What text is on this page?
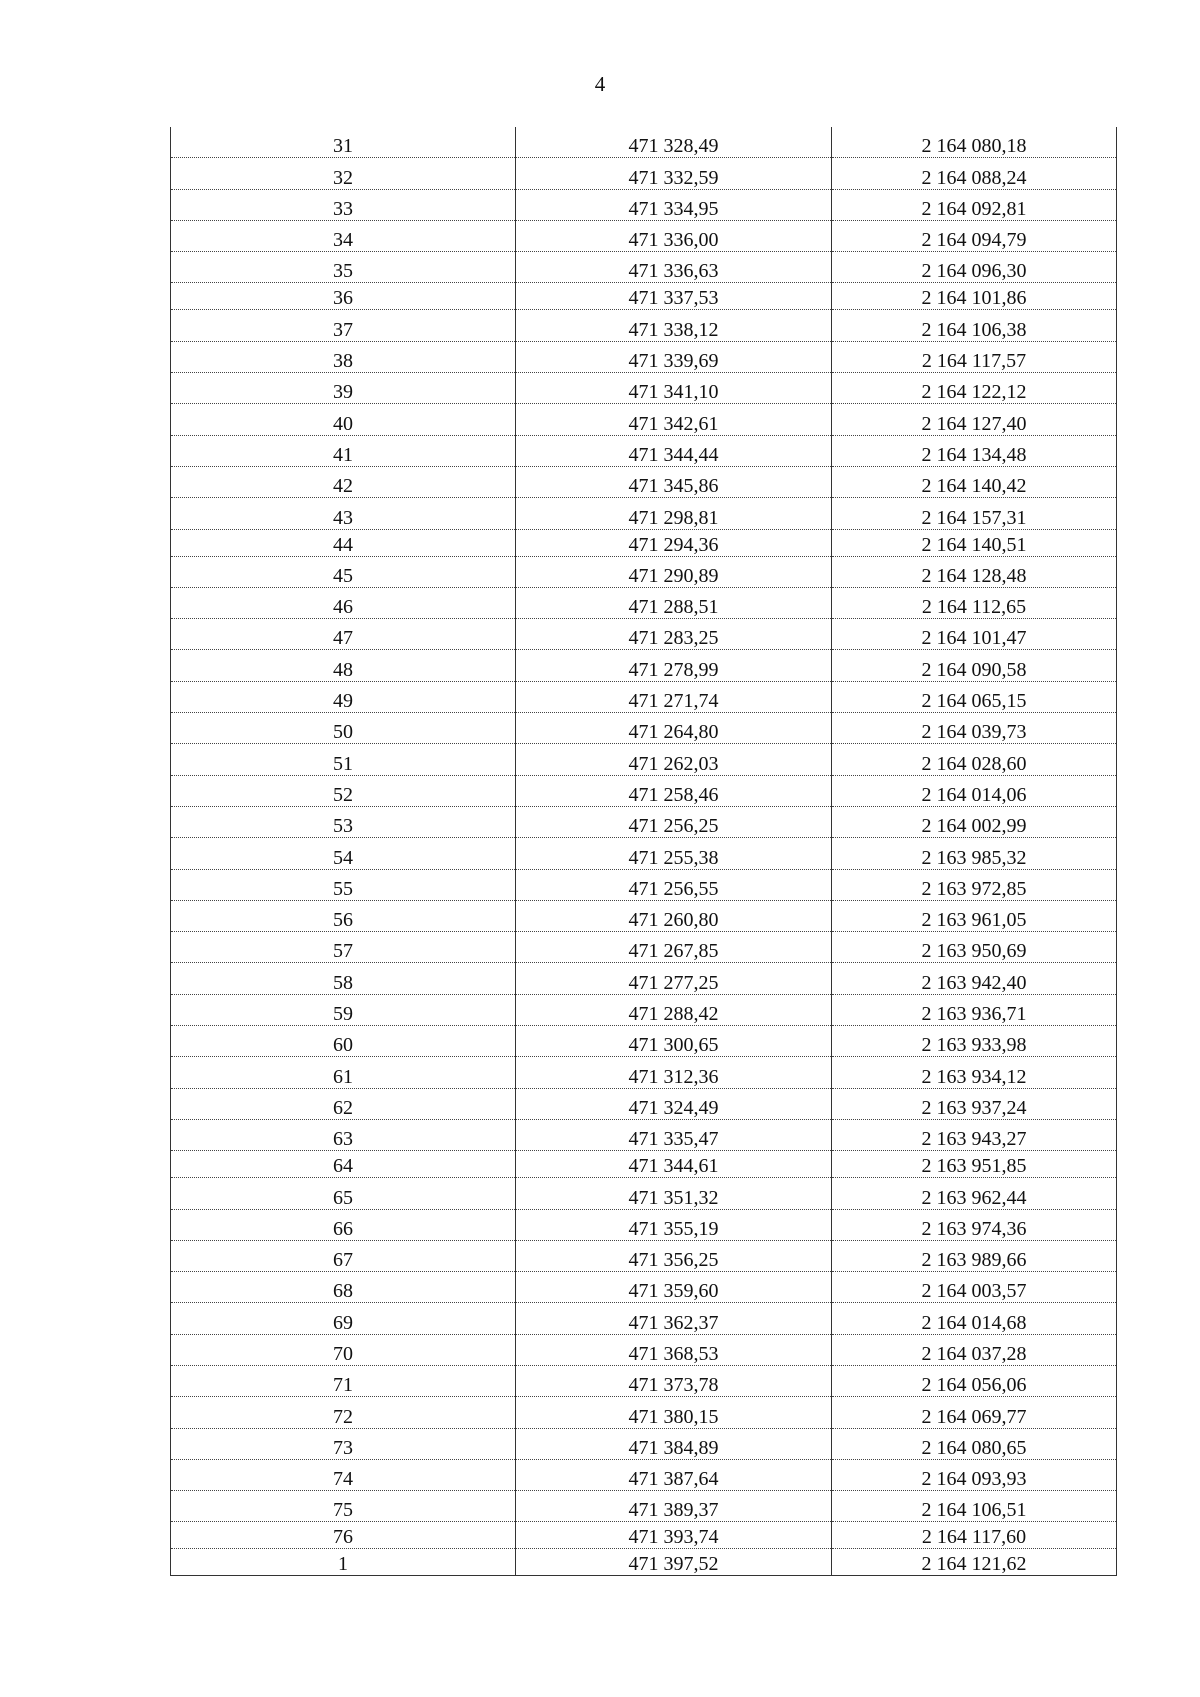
4
31	471 328,49	2 164 080,18
32	471 332,59	2 164 088,24
33	471 334,95	2 164 092,81
34	471 336,00	2 164 094,79
35	471 336,63	2 164 096,30
36	471 337,53	2 164 101,86
37	471 338,12	2 164 106,38
38	471 339,69	2 164 117,57
39	471 341,10	2 164 122,12
40	471 342,61	2 164 127,40
41	471 344,44	2 164 134,48
42	471 345,86	2 164 140,42
43	471 298,81	2 164 157,31
44	471 294,36	2 164 140,51
45	471 290,89	2 164 128,48
46	471 288,51	2 164 112,65
47	471 283,25	2 164 101,47
48	471 278,99	2 164 090,58
49	471 271,74	2 164 065,15
50	471 264,80	2 164 039,73
51	471 262,03	2 164 028,60
52	471 258,46	2 164 014,06
53	471 256,25	2 164 002,99
54	471 255,38	2 163 985,32
55	471 256,55	2 163 972,85
56	471 260,80	2 163 961,05
57	471 267,85	2 163 950,69
58	471 277,25	2 163 942,40
59	471 288,42	2 163 936,71
60	471 300,65	2 163 933,98
61	471 312,36	2 163 934,12
62	471 324,49	2 163 937,24
63	471 335,47	2 163 943,27
64	471 344,61	2 163 951,85
65	471 351,32	2 163 962,44
66	471 355,19	2 163 974,36
67	471 356,25	2 163 989,66
68	471 359,60	2 164 003,57
69	471 362,37	2 164 014,68
70	471 368,53	2 164 037,28
71	471 373,78	2 164 056,06
72	471 380,15	2 164 069,77
73	471 384,89	2 164 080,65
74	471 387,64	2 164 093,93
75	471 389,37	2 164 106,51
76	471 393,74	2 164 117,60
1	471 397,52	2 164 121,62
